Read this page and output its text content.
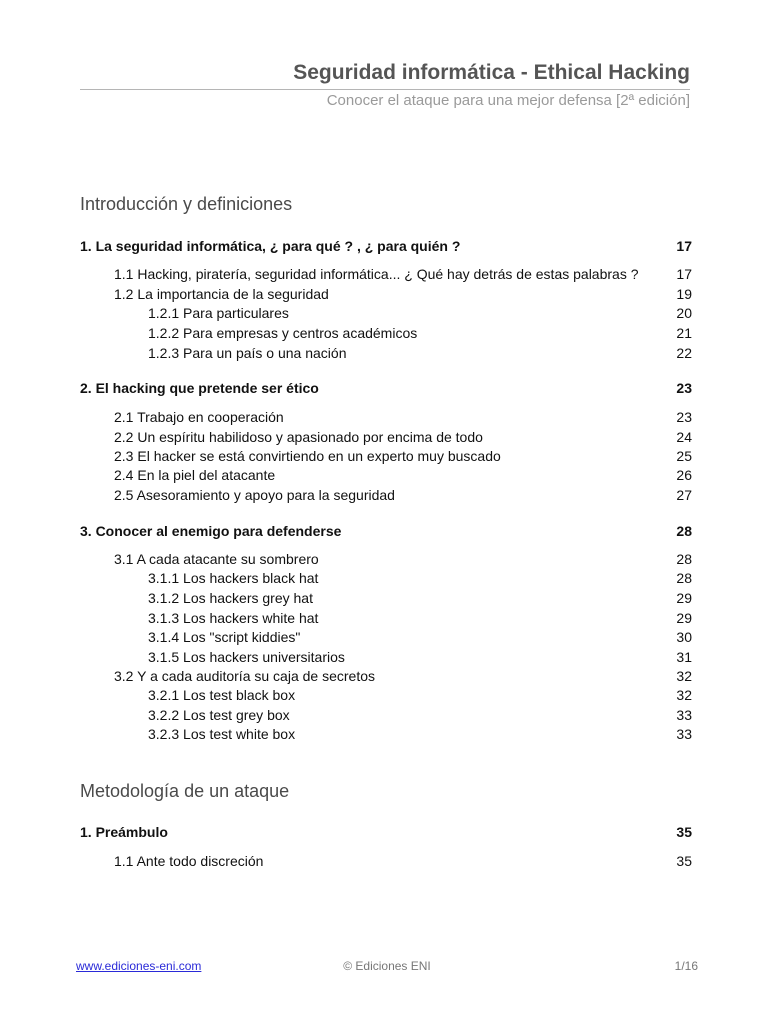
Seguridad informática - Ethical Hacking
Conocer el ataque para una mejor defensa [2ª edición]
Introducción y definiciones
1. La seguridad informática, ¿ para qué ? , ¿ para quién ?	17
1.1 Hacking, piratería, seguridad informática... ¿ Qué hay detrás de estas palabras ?	17
1.2 La importancia de la seguridad	19
1.2.1 Para particulares	20
1.2.2 Para empresas y centros académicos	21
1.2.3 Para un país o una nación	22
2. El hacking que pretende ser ético	23
2.1 Trabajo en cooperación	23
2.2 Un espíritu habilidoso y apasionado por encima de todo	24
2.3 El hacker se está convirtiendo en un experto muy buscado	25
2.4 En la piel del atacante	26
2.5 Asesoramiento y apoyo para la seguridad	27
3. Conocer al enemigo para defenderse	28
3.1 A cada atacante su sombrero	28
3.1.1 Los hackers black hat	28
3.1.2 Los hackers grey hat	29
3.1.3 Los hackers white hat	29
3.1.4 Los "script kiddies"	30
3.1.5 Los hackers universitarios	31
3.2 Y a cada auditoría su caja de secretos	32
3.2.1 Los test black box	32
3.2.2 Los test grey box	33
3.2.3 Los test white box	33
Metodología de un ataque
1. Preámbulo	35
1.1 Ante todo discreción	35
www.ediciones-eni.com	© Ediciones ENI	1/16
